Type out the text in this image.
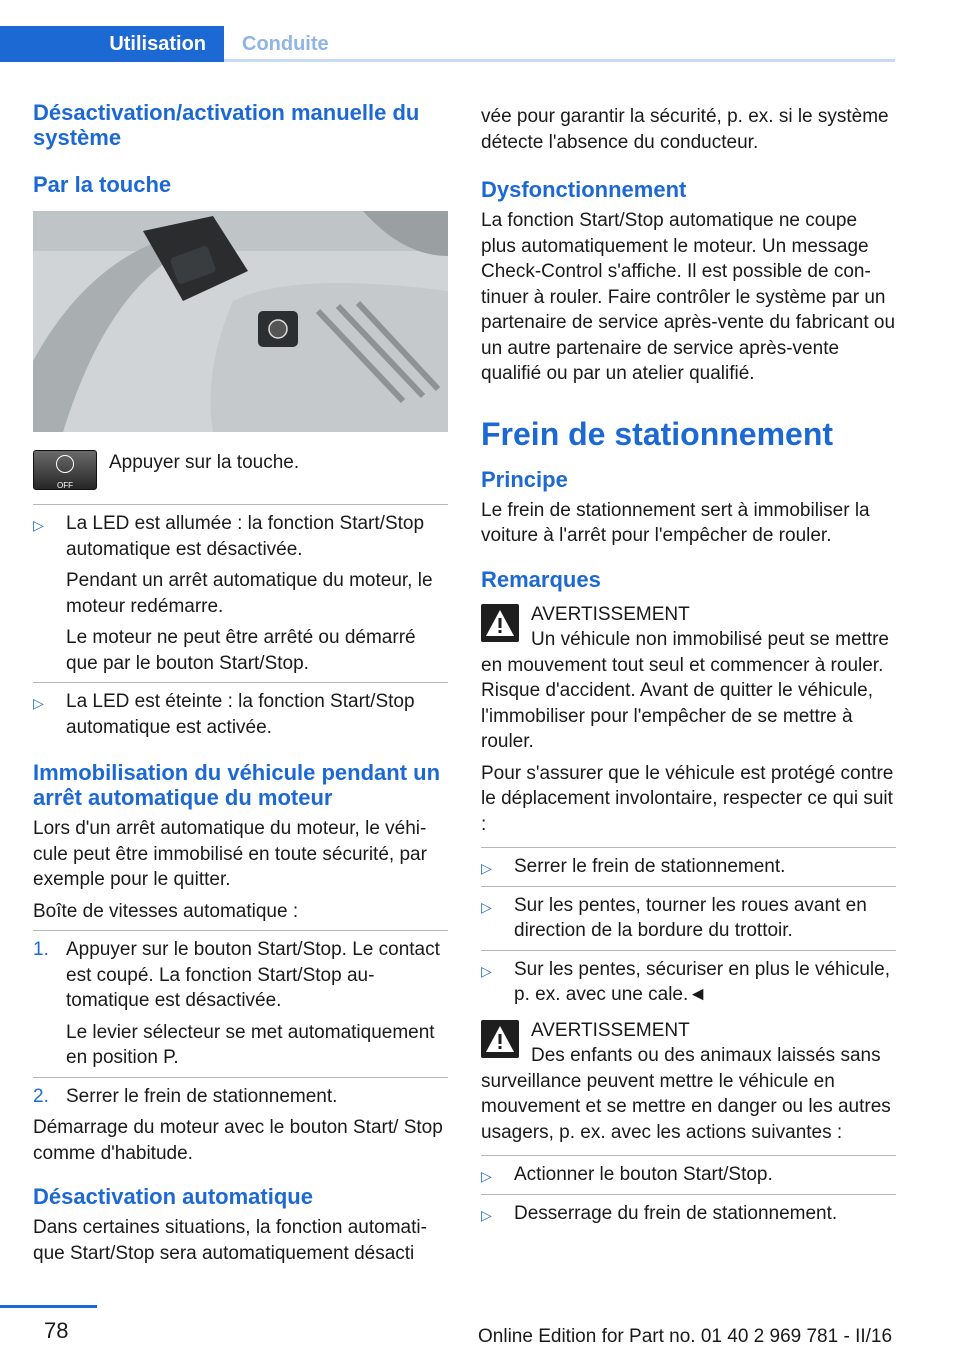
Utilisation	Conduite
Désactivation/activation manuelle du système
Par la touche
OFF
Appuyer sur la touche.
▷ La LED est allumée : la fonction Start/Stop automatique est désactivée.

Pendant un arrêt automatique du moteur, le moteur redémarre.

Le moteur ne peut être arrêté ou démarré que par le bouton Start/Stop.

▷ La LED est éteinte : la fonction Start/Stop automatique est activée.

Immobilisation du véhicule pendant un arrêt automatique du moteur

Lors d'un arrêt automatique du moteur, le véhicule peut être immobilisé en toute sécurité, par exemple pour le quitter.

Boîte de vitesses automatique :

1. Appuyer sur le bouton Start/Stop. Le contact est coupé. La fonction Start/Stop automatique est désactivée.

Le levier sélecteur se met automatiquement en position P.

2. Serrer le frein de stationnement.

Démarrage du moteur avec le bouton Start/ Stop comme d'habitude.

Désactivation automatique

Dans certaines situations, la fonction automatique Start/Stop sera automatiquement désacti

vée pour garantir la sécurité, p. ex. si le système détecte l'absence du conducteur.

Dysfonctionnement

La fonction Start/Stop automatique ne coupe plus automatiquement le moteur. Un message Check-Control s'affiche. Il est possible de continuer à rouler. Faire contrôler le système par un partenaire de service après-vente du fabricant ou un autre partenaire de service après-vente qualifié ou par un atelier qualifié.

Frein de stationnement
Principe

Le frein de stationnement sert à immobiliser la voiture à l'arrêt pour l'empêcher de rouler.

Remarques
AVERTISSEMENT

Un véhicule non immobilisé peut se mettre en mouvement tout seul et commencer à rouler. Risque d'accident. Avant de quitter le véhicule, l'immobiliser pour l'empêcher de se mettre à rouler.

Pour s'assurer que le véhicule est protégé contre le déplacement involontaire, respecter ce qui suit :

▷ Serrer le frein de stationnement.

▷ Sur les pentes, tourner les roues avant en direction de la bordure du trottoir.

▷ Sur les pentes, sécuriser en plus le véhicule, p. ex. avec une cale.◄

AVERTISSEMENT

Des enfants ou des animaux laissés sans surveillance peuvent mettre le véhicule en mouvement et se mettre en danger ou les autres usagers, p. ex. avec les actions suivantes :

▷ Actionner le bouton Start/Stop.

▷ Desserrage du frein de stationnement.

78	Online Edition for Part no. 01 40 2 969 781 - II/16
